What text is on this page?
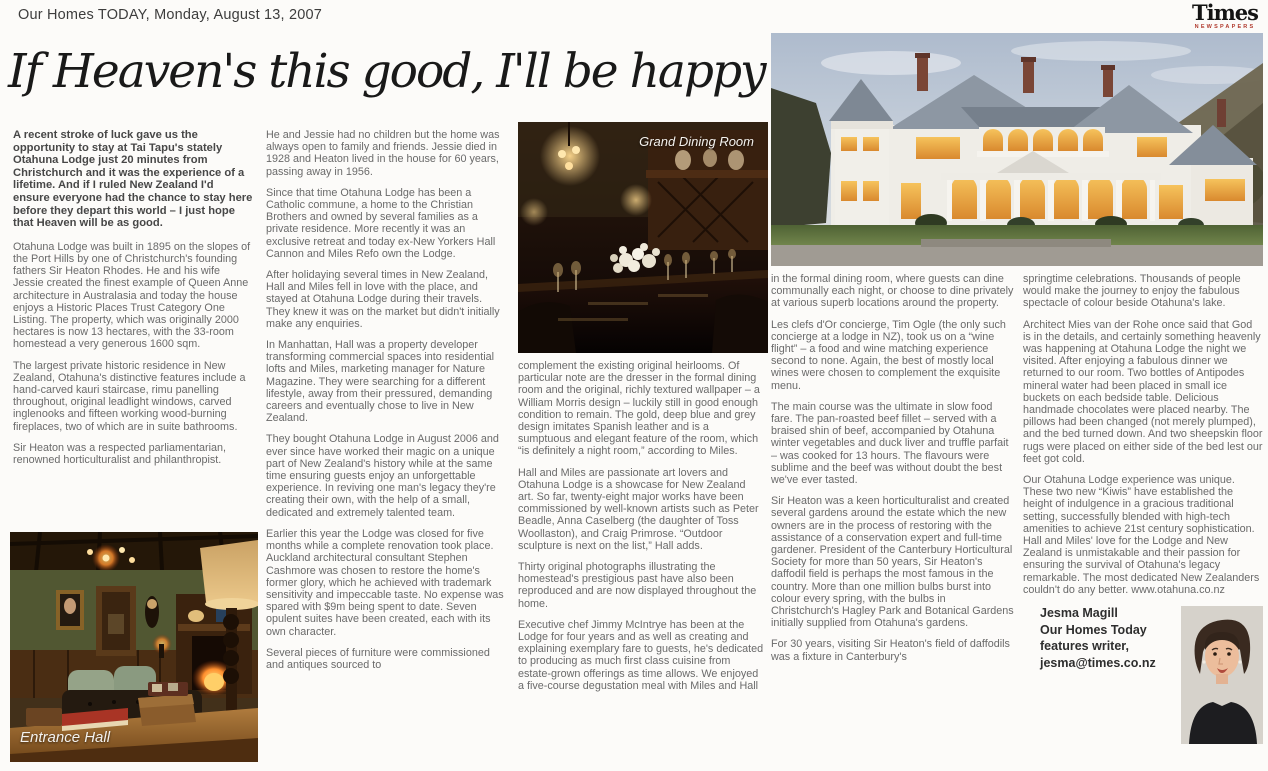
Our Homes TODAY, Monday, August 13, 2007	Times
NEWSPAPERS
If Heaven's this good, I'll be happy
Grand Dining Room
Entrance Hall

A recent stroke of luck gave us the opportunity to stay at Tai Tapu's stately Otahuna Lodge just 20 minutes from Christchurch and it was the experience of a lifetime. And if I ruled New Zealand I'd ensure everyone had the chance to stay here before they depart this world – I just hope that Heaven will be as good.

Otahuna Lodge was built in 1895 on the slopes of the Port Hills by one of Christchurch's founding fathers Sir Heaton Rhodes. He and his wife Jessie created the finest example of Queen Anne architecture in Australasia and today the house enjoys a Historic Places Trust Category One Listing. The property, which was originally 2000 hectares is now 13 hectares, with the 33-room homestead a very generous 1600 sqm.

The largest private historic residence in New Zealand, Otahuna's distinctive features include a hand-carved kauri staircase, rimu panelling throughout, original leadlight windows, carved inglenooks and fifteen working wood-burning fireplaces, two of which are in suite bathrooms.

Sir Heaton was a respected parliamentarian, renowned horticulturalist and philanthropist.

He and Jessie had no children but the home was always open to family and friends. Jessie died in 1928 and Heaton lived in the house for 60 years, passing away in 1956.

Since that time Otahuna Lodge has been a Catholic commune, a home to the Christian Brothers and owned by several families as a private residence. More recently it was an exclusive retreat and today ex-New Yorkers Hall Cannon and Miles Refo own the Lodge.

After holidaying several times in New Zealand, Hall and Miles fell in love with the place, and stayed at Otahuna Lodge during their travels. They knew it was on the market but didn't initially make any enquiries.

In Manhattan, Hall was a property developer transforming commercial spaces into residential lofts and Miles, marketing manager for Nature Magazine. They were searching for a different lifestyle, away from their pressured, demanding careers and eventually chose to live in New Zealand.

They bought Otahuna Lodge in August 2006 and ever since have worked their magic on a unique part of New Zealand's history while at the same time ensuring guests enjoy an unforgettable experience. In reviving one man's legacy they're creating their own, with the help of a small, dedicated and extremely talented team.

Earlier this year the Lodge was closed for five months while a complete renovation took place. Auckland architectural consultant Stephen Cashmore was chosen to restore the home's former glory, which he achieved with trademark sensitivity and impeccable taste. No expense was spared with $9m being spent to date. Seven opulent suites have been created, each with its own character.

Several pieces of furniture were commissioned and antiques sourced to

complement the existing original heirlooms. Of particular note are the dresser in the formal dining room and the original, richly textured wallpaper – a William Morris design – luckily still in good enough condition to remain. The gold, deep blue and grey design imitates Spanish leather and is a sumptuous and elegant feature of the room, which “is definitely a night room,” according to Miles.

Hall and Miles are passionate art lovers and Otahuna Lodge is a showcase for New Zealand art. So far, twenty-eight major works have been commissioned by well-known artists such as Peter Beadle, Anna Caselberg (the daughter of Toss Woollaston), and Craig Primrose. “Outdoor sculpture is next on the list,” Hall adds.

Thirty original photographs illustrating the homestead's prestigious past have also been reproduced and are now displayed throughout the home.

Executive chef Jimmy McIntrye has been at the Lodge for four years and as well as creating and explaining exemplary fare to guests, he's dedicated to producing as much first class cuisine from estate-grown offerings as time allows. We enjoyed a five-course degustation meal with Miles and Hall

in the formal dining room, where guests can dine communally each night, or choose to dine privately at various superb locations around the property.

Les clefs d'Or concierge, Tim Ogle (the only such concierge at a lodge in NZ), took us on a “wine flight” – a food and wine matching experience second to none. Again, the best of mostly local wines were chosen to complement the exquisite menu.

The main course was the ultimate in slow food fare. The pan-roasted beef fillet – served with a braised shin of beef, accompanied by Otahuna winter vegetables and duck liver and truffle parfait – was cooked for 13 hours. The flavours were sublime and the beef was without doubt the best we've ever tasted.

Sir Heaton was a keen horticulturalist and created several gardens around the estate which the new owners are in the process of restoring with the assistance of a conservation expert and full-time gardener. President of the Canterbury Horticultural Society for more than 50 years, Sir Heaton's daffodil field is perhaps the most famous in the country. More than one million bulbs burst into colour every spring, with the bulbs in Christchurch's Hagley Park and Botanical Gardens initially supplied from Otahuna's gardens.

For 30 years, visiting Sir Heaton's field of daffodils was a fixture in Canterbury's

springtime celebrations. Thousands of people would make the journey to enjoy the fabulous spectacle of colour beside Otahuna's lake.

Architect Mies van der Rohe once said that God is in the details, and certainly something heavenly was happening at Otahuna Lodge the night we visited. After enjoying a fabulous dinner we returned to our room. Two bottles of Antipodes mineral water had been placed in small ice buckets on each bedside table. Delicious handmade chocolates were placed nearby. The pillows had been changed (not merely plumped), and the bed turned down. And two sheepskin floor rugs were placed on either side of the bed lest our feet got cold.

Our Otahuna Lodge experience was unique. These two new “Kiwis” have established the height of indulgence in a gracious traditional setting, successfully blended with high-tech amenities to achieve 21st century sophistication. Hall and Miles' love for the Lodge and New Zealand is unmistakable and their passion for ensuring the survival of Otahuna's legacy remarkable. The most dedicated New Zealanders couldn't do any better. www.otahuna.co.nz

Jesma Magill
Our Homes Today
features writer,
jesma@times.co.nz
